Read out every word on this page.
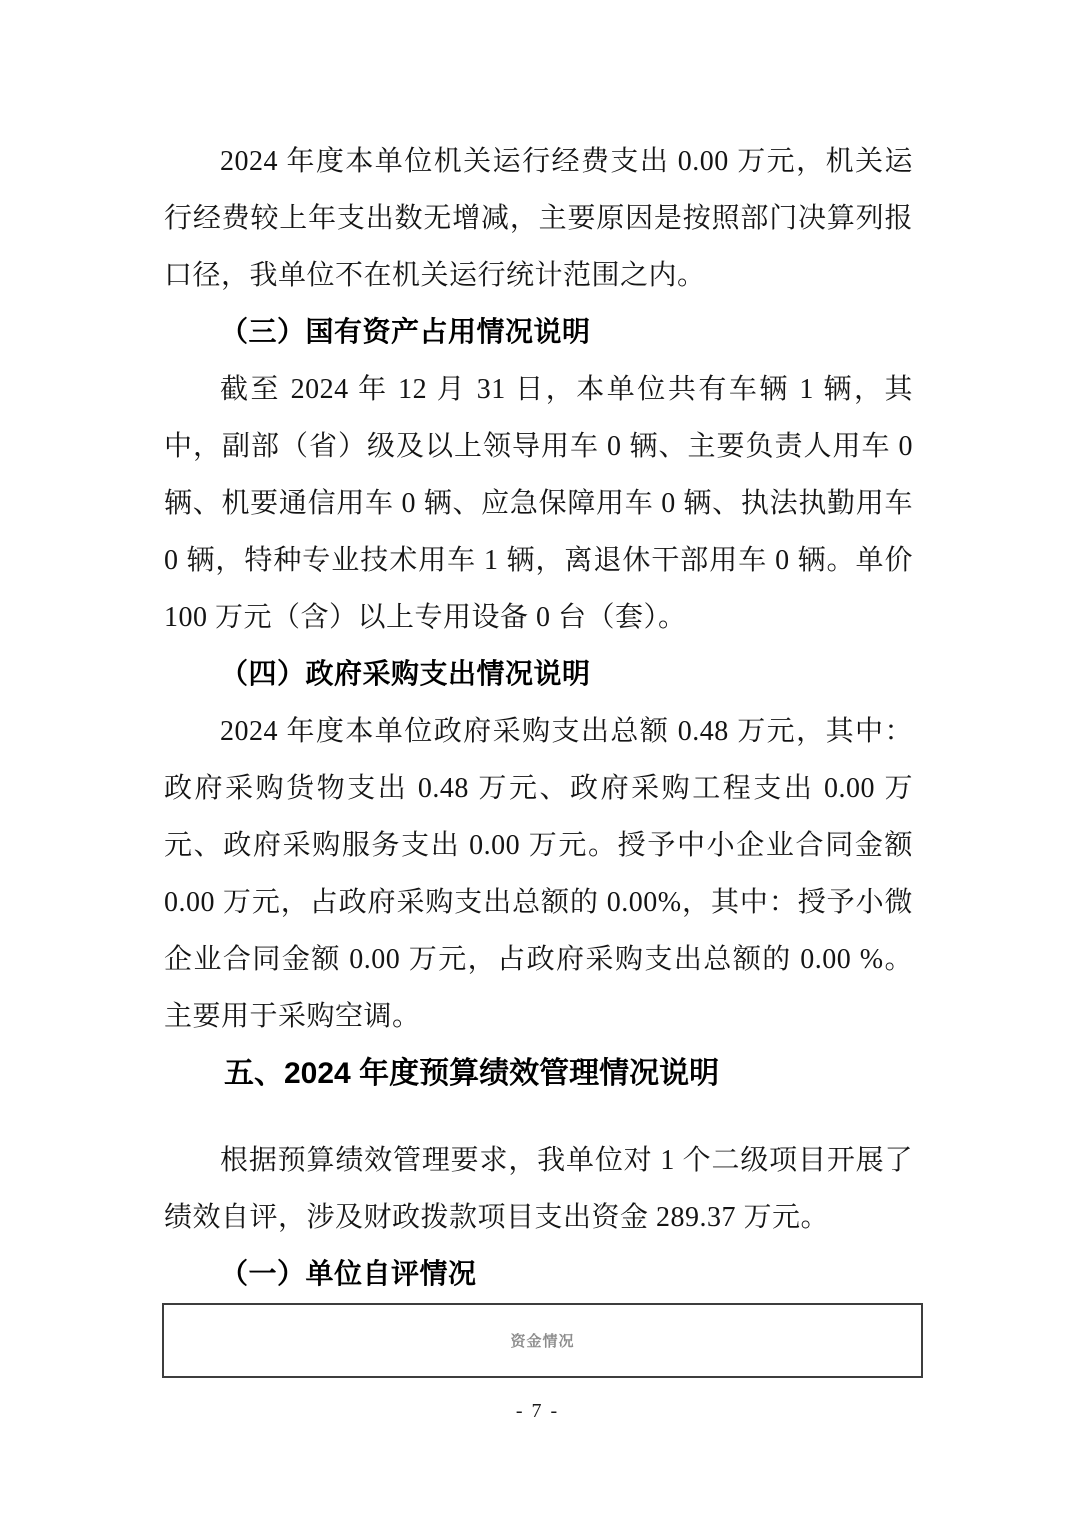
2024 年度本单位机关运行经费支出 0.00 万元，机关运行经费较上年支出数无增减，主要原因是按照部门决算列报口径，我单位不在机关运行统计范围之内。

（三）国有资产占用情况说明

截至 2024 年 12 月 31 日，本单位共有车辆 1 辆，其中，副部（省）级及以上领导用车 0 辆、主要负责人用车 0 辆、机要通信用车 0 辆、应急保障用车 0 辆、执法执勤用车 0 辆，特种专业技术用车 1 辆，离退休干部用车 0 辆。单价 100 万元（含）以上专用设备 0 台（套）。

（四）政府采购支出情况说明

2024 年度本单位政府采购支出总额 0.48 万元，其中：政府采购货物支出 0.48 万元、政府采购工程支出 0.00 万元、政府采购服务支出 0.00 万元。授予中小企业合同金额 0.00 万元，占政府采购支出总额的 0.00%，其中：授予小微企业合同金额 0.00 万元，占政府采购支出总额的 0.00 %。主要用于采购空调。

五、2024 年度预算绩效管理情况说明

根据预算绩效管理要求，我单位对 1 个二级项目开展了绩效自评，涉及财政拨款项目支出资金 289.37 万元。

（一）单位自评情况
资金情况
- 7 -
